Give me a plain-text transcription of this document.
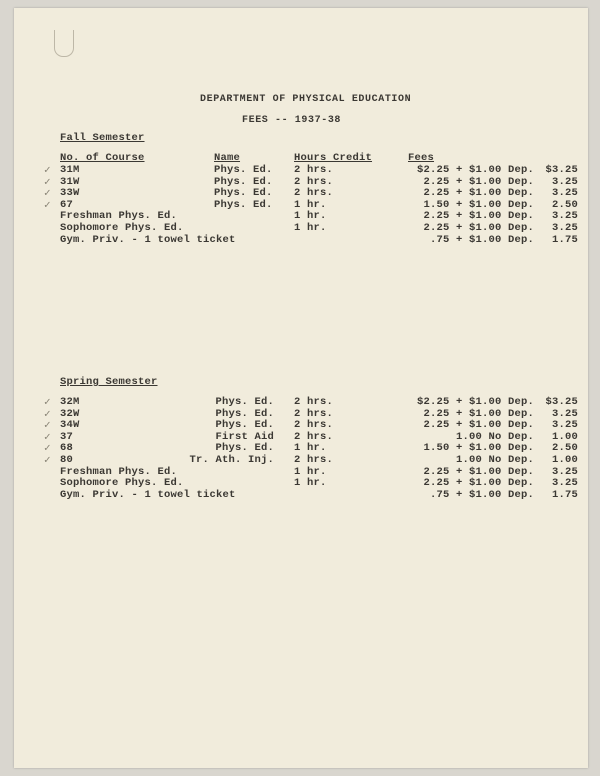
DEPARTMENT OF PHYSICAL EDUCATION
FEES -- 1937-38
Fall Semester
No. of Course	Name	Hours Credit	Fees
Spring Semester
✓ 31M	Phys. Ed. 2 hrs.	$2.25 + $1.00 Dep.	$3.25
✓ 31W	Phys. Ed. 2 hrs.	2.25 + $1.00 Dep.	3.25
✓ 33W	Phys. Ed. 2 hrs.	2.25 + $1.00 Dep.	3.25
✓ 67	Phys. Ed. 1 hr.	1.50 + $1.00 Dep.	2.50
Freshman Phys. Ed.	1 hr.	2.25 + $1.00 Dep.	3.25
Sophomore Phys. Ed.	1 hr.	2.25 + $1.00 Dep.	3.25
Gym. Priv. - 1 towel ticket	.75 + $1.00 Dep.	1.75
✓ 32M	Phys. Ed. 2 hrs.	$2.25 + $1.00 Dep.	$3.25
✓ 32W	Phys. Ed. 2 hrs.	2.25 + $1.00 Dep.	3.25
✓ 34W	Phys. Ed. 2 hrs.	2.25 + $1.00 Dep.	3.25
✓ 37	First Aid 2 hrs.	1.00 No Dep.	1.00
✓ 68	Phys. Ed. 1 hr.	1.50 + $1.00 Dep.	2.50
✓ 80	Tr. Ath. Inj. 2 hrs.	1.00 No Dep.	1.00
Freshman Phys. Ed.	1 hr.	2.25 + $1.00 Dep.	3.25
Sophomore Phys. Ed.	1 hr.	2.25 + $1.00 Dep.	3.25
Gym. Priv. - 1 towel ticket	.75 + $1.00 Dep.	1.75
